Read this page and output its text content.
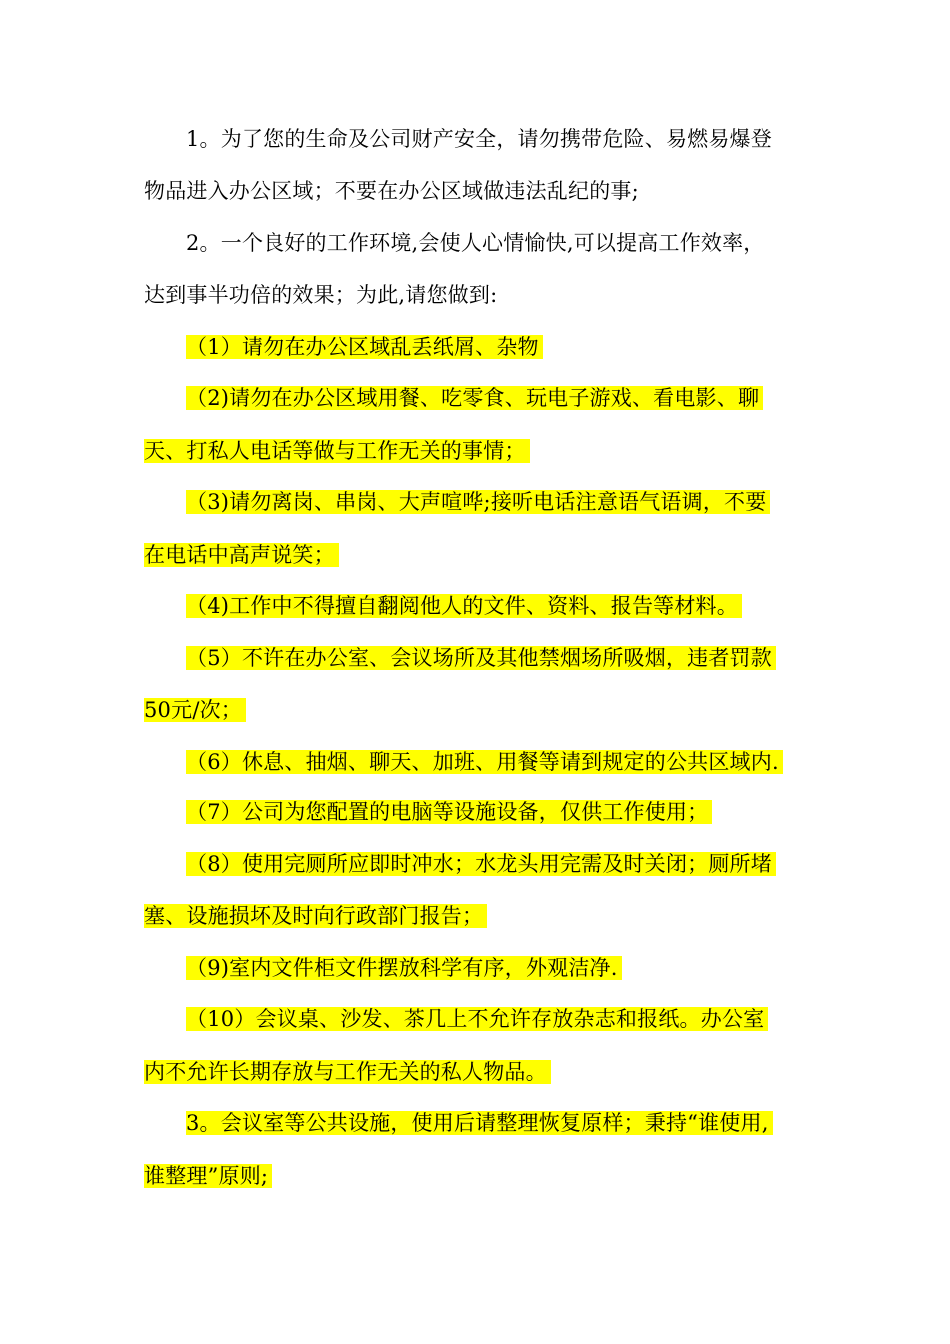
1。为了您的生命及公司财产安全，请勿携带危险、易燃易爆登
物品进入办公区域；不要在办公区域做违法乱纪的事;
2。一个良好的工作环境,会使人心情愉快,可以提高工作效率，
达到事半功倍的效果；为此,请您做到:
（1）请勿在办公区域乱丢纸屑、杂物
（2)请勿在办公区域用餐、吃零食、玩电子游戏、看电影、聊
天、打私人电话等做与工作无关的事情；
（3)请勿离岗、串岗、大声喧哗;接听电话注意语气语调，不要
在电话中高声说笑；
（4)工作中不得擅自翻阅他人的文件、资料、报告等材料。
（5）不许在办公室、会议场所及其他禁烟场所吸烟，违者罚款
50元/次；
（6）休息、抽烟、聊天、加班、用餐等请到规定的公共区域内.
（7）公司为您配置的电脑等设施设备，仅供工作使用；
（8）使用完厕所应即时冲水；水龙头用完需及时关闭；厕所堵
塞、设施损坏及时向行政部门报告；
（9)室内文件柜文件摆放科学有序，外观洁净.
（10）会议桌、沙发、茶几上不允许存放杂志和报纸。办公室
内不允许长期存放与工作无关的私人物品。
3。会议室等公共设施，使用后请整理恢复原样；秉持“谁使用,
谁整理”原则;
